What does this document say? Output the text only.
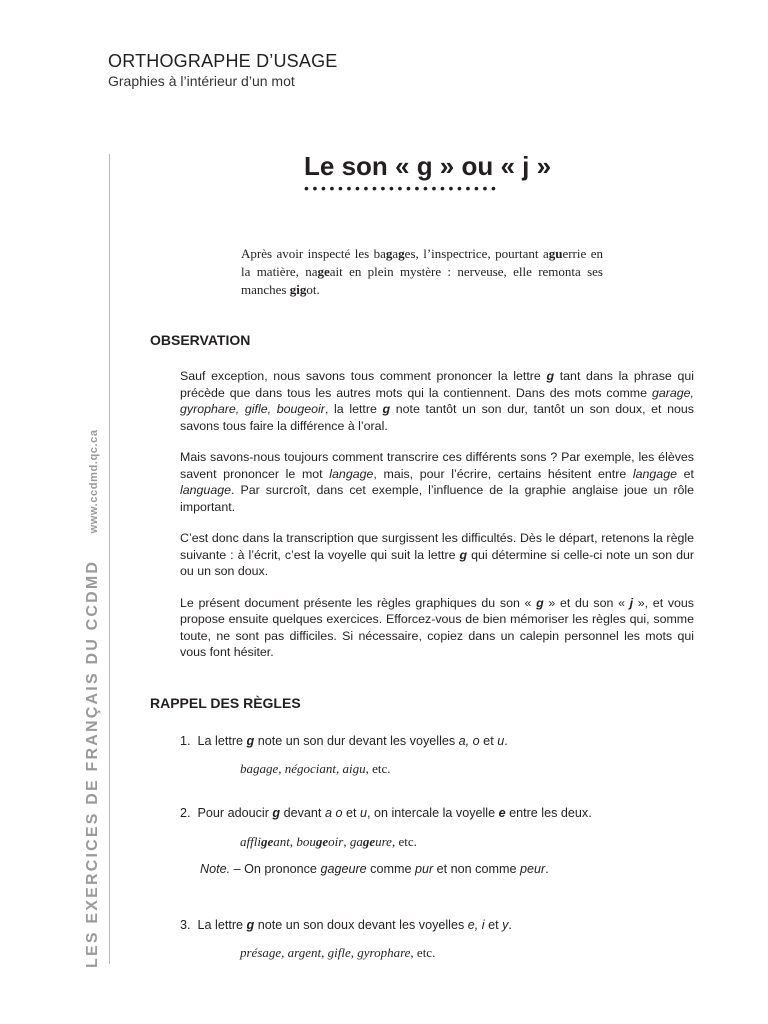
ORTHOGRAPHE D’USAGE

Graphies à l’intérieur d’un mot

LES EXERCICES DE FRANÇAIS DU CCDMD www.ccdmd.qc.ca
Le son « g » ou « j »
•••••••••••••••••••••••

Après avoir inspecté les bagages, l’inspectrice, pourtant aguerrie en la matière, nageait en plein mystère : nerveuse, elle remonta ses manches gigot.

OBSERVATION

Sauf exception, nous savons tous comment prononcer la lettre g tant dans la phrase qui précède que dans tous les autres mots qui la contiennent. Dans des mots comme garage, gyrophare, gifle, bougeoir, la lettre g note tantôt un son dur, tantôt un son doux, et nous savons tous faire la différence à l’oral.

Mais savons-nous toujours comment transcrire ces différents sons ? Par exemple, les élèves savent prononcer le mot langage, mais, pour l’écrire, certains hésitent entre langage et language. Par surcroît, dans cet exemple, l’influence de la graphie anglaise joue un rôle important.

C’est donc dans la transcription que surgissent les difficultés. Dès le départ, retenons la règle suivante : à l’écrit, c’est la voyelle qui suit la lettre g qui détermine si celle-ci note un son dur ou un son doux.

Le présent document présente les règles graphiques du son « g » et du son « j », et vous propose ensuite quelques exercices. Efforcez-vous de bien mémoriser les règles qui, somme toute, ne sont pas difficiles. Si nécessaire, copiez dans un calepin personnel les mots qui vous font hésiter.

RAPPEL DES RÈGLES

1. La lettre g note un son dur devant les voyelles a, o et u.

bagage, négociant, aigu, etc.

2. Pour adoucir g devant a o et u, on intercale la voyelle e entre les deux.

affligeant, bougeoir, gageure, etc.

Note. – On prononce gageure comme pur et non comme peur.

3. La lettre g note un son doux devant les voyelles e, i et y.

présage, argent, gifle, gyrophare, etc.
